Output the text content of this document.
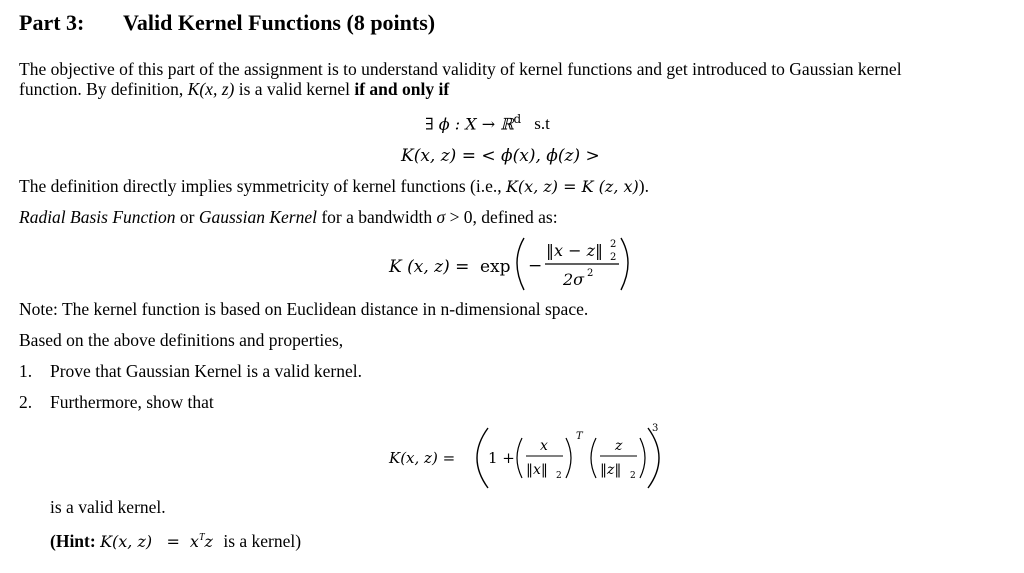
Part 3: Valid Kernel Functions (8 points)
The objective of this part of the assignment is to understand validity of kernel functions and get introduced to Gaussian kernel
function. By definition, K(x, z) is a valid kernel if and only if
∃ ϕ : X → ℝ$^d$ s.t
K(x, z) = < ϕ(x), ϕ(z) >
The definition directly implies symmetricity of kernel functions (i.e., K(x, z) = K (z, x)).
Radial Basis Function or Gaussian Kernel for a bandwidth σ > 0, defined as:
K (x, z) = exp −
‖x − z‖ 2
2
2σ 2
Note: The kernel function is based on Euclidean distance in n-dimensional space.
Based on the above definitions and properties,
1. Prove that Gaussian Kernel is a valid kernel.
2. Furthermore, show that
K(x, z) = 1 +
x
‖x‖ 2
T
z
‖z‖ 2
3
is a valid kernel.
(Hint: K(x, $z) = x^Tz$ is a kernel)
